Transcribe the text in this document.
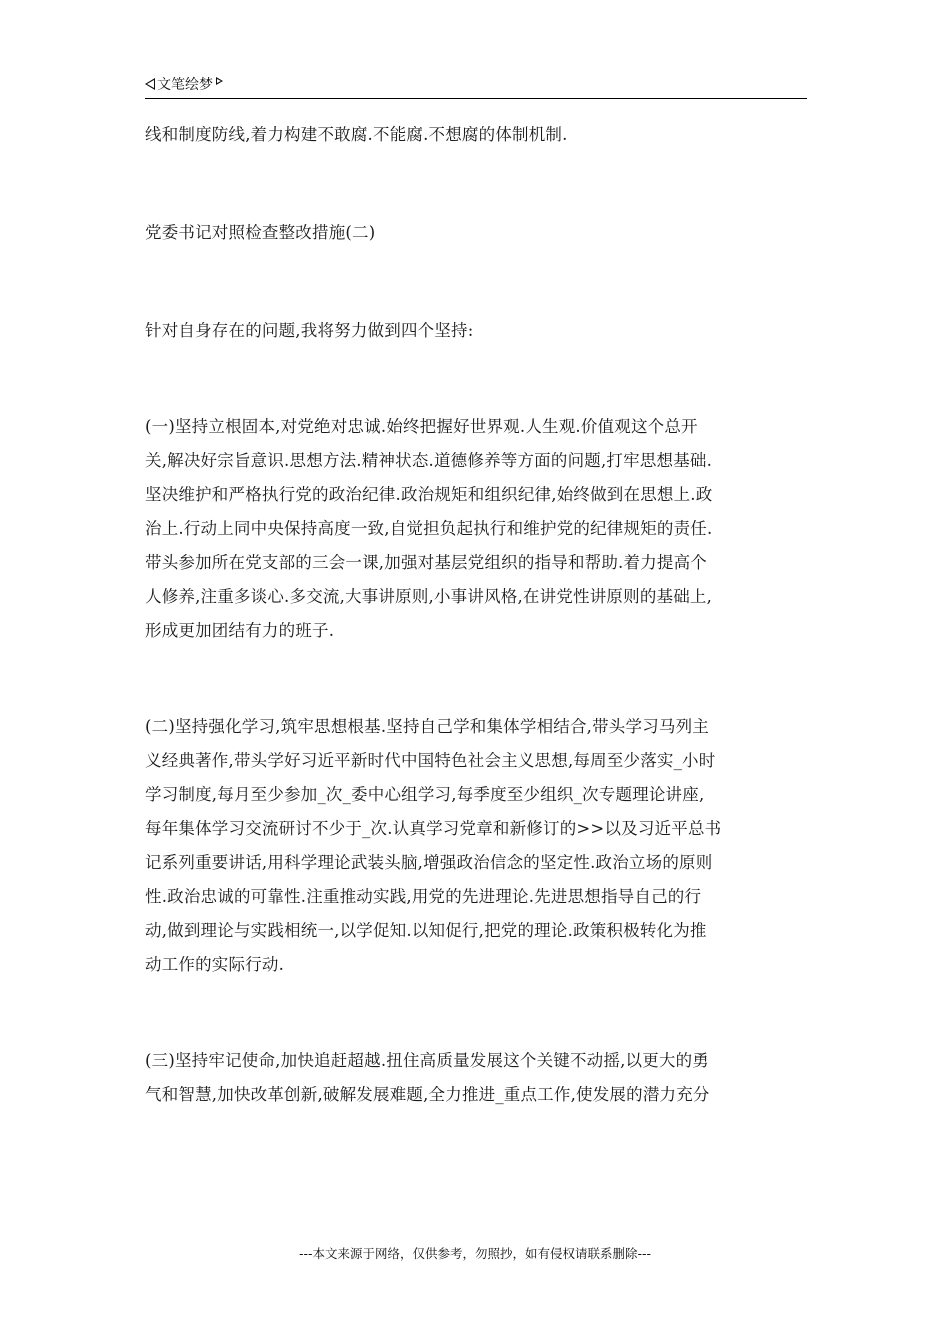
文笔绘梦
线和制度防线,着力构建不敢腐.不能腐.不想腐的体制机制.
党委书记对照检查整改措施(二)
针对自身存在的问题,我将努力做到四个坚持:
(一)坚持立根固本,对党绝对忠诚.始终把握好世界观.人生观.价值观这个总开
关,解决好宗旨意识.思想方法.精神状态.道德修养等方面的问题,打牢思想基础.
坚决维护和严格执行党的政治纪律.政治规矩和组织纪律,始终做到在思想上.政
治上.行动上同中央保持高度一致,自觉担负起执行和维护党的纪律规矩的责任.
带头参加所在党支部的三会一课,加强对基层党组织的指导和帮助.着力提高个
人修养,注重多谈心.多交流,大事讲原则,小事讲风格,在讲党性讲原则的基础上,
形成更加团结有力的班子.
(二)坚持强化学习,筑牢思想根基.坚持自己学和集体学相结合,带头学习马列主
义经典著作,带头学好习近平新时代中国特色社会主义思想,每周至少落实_小时
学习制度,每月至少参加_次_委中心组学习,每季度至少组织_次专题理论讲座,
每年集体学习交流研讨不少于_次.认真学习党章和新修订的>>以及习近平总书
记系列重要讲话,用科学理论武装头脑,增强政治信念的坚定性.政治立场的原则
性.政治忠诚的可靠性.注重推动实践,用党的先进理论.先进思想指导自己的行
动,做到理论与实践相统一,以学促知.以知促行,把党的理论.政策积极转化为推
动工作的实际行动.
(三)坚持牢记使命,加快追赶超越.扭住高质量发展这个关键不动摇,以更大的勇
气和智慧,加快改革创新,破解发展难题,全力推进_重点工作,使发展的潜力充分
---本文来源于网络，仅供参考，勿照抄，如有侵权请联系删除---
